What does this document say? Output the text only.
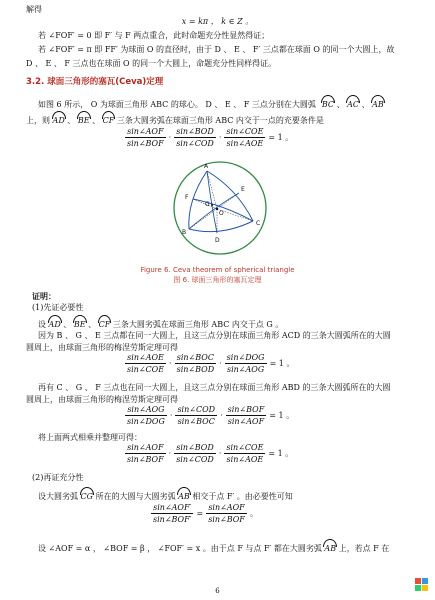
解得
x = kπ ， k ∈ Z 。
若 ∠FOF′ = 0 即 F′ 与 F 两点重合，此时命题充分性显然得证；
若 ∠FOF′ = π 即 FF′ 为球面 O 的直径时，由于 D 、 E 、 F′ 三点都在球面 O 的同一个大圆上，故
D 、 E 、 F 三点也在球面 O 的同一个大圆上，命题充分性同样得证。
3.2. 球面三角形的塞瓦(Ceva)定理
如图 6 所示， O 为球面三角形 ABC 的球心。 D 、 E 、 F 三点分别在大圆弧 BC 、 AC 、 AB
上，则 AD 、 BE 、 CF 三条大圆劣弧在球面三角形 ABC 内交于一点的充要条件是
$\frac{\text{sin∠AOF}}{\text{sin∠BOF}} \cdot \frac{\text{sin∠BOD}}{\text{sin∠COD}} \cdot \frac{\text{sin∠COE}}{\text{sin∠AOE}} = 1$ 。
A
B
C
D
E
F
G
O
Figure 6. Ceva theorem of spherical triangle
图 6. 球面三角形的塞瓦定理
证明：
(1)先证必要性
设 AD 、 BE 、 CF 三条大圆劣弧在球面三角形 ABC 内交于点 G 。
因为 B 、 G 、 E 三点都在同一大圆上，且这三点分别在球面三角形 ACD 的三条大圆弧所在的大圆
圆周上，由球面三角形的梅涅劳斯定理可得
$\frac{\text{sin∠AOE}}{\text{sin∠COE}} \cdot \frac{\text{sin∠BOC}}{\text{sin∠BOD}} \cdot \frac{\text{sin∠DOG}}{\text{sin∠AOG}} = 1$ 。
再有 C 、 G 、 F 三点也在同一大圆上，且这三点分别在球面三角形 ABD 的三条大圆弧所在的大圆
圆周上，由球面三角形的梅涅劳斯定理可得
$\frac{\text{sin∠AOG}}{\text{sin∠DOG}} \cdot \frac{\text{sin∠COD}}{\text{sin∠BOC}} \cdot \frac{\text{sin∠BOF}}{\text{sin∠AOF}} = 1$ 。
将上面两式相乘并整理可得：
$\frac{\text{sin∠AOF}}{\text{sin∠BOF}} \cdot \frac{\text{sin∠BOD}}{\text{sin∠COD}} \cdot \frac{\text{sin∠COE}}{\text{sin∠AOE}} = 1$ 。
(2)再证充分性
设大圆劣弧 CG 所在的大圆与大圆劣弧 AB 相交于点 F′ 。由必要性可知
$\frac{\text{sin∠AOF′}}{\text{sin∠BOF′}} = \frac{\text{sin∠AOF}}{\text{sin∠BOF}}$ 。
设 ∠AOF = α ， ∠BOF = β ， ∠FOF′ = x 。由于点 F 与点 F′ 都在大圆劣弧 AB 上，若点 F 在
6
